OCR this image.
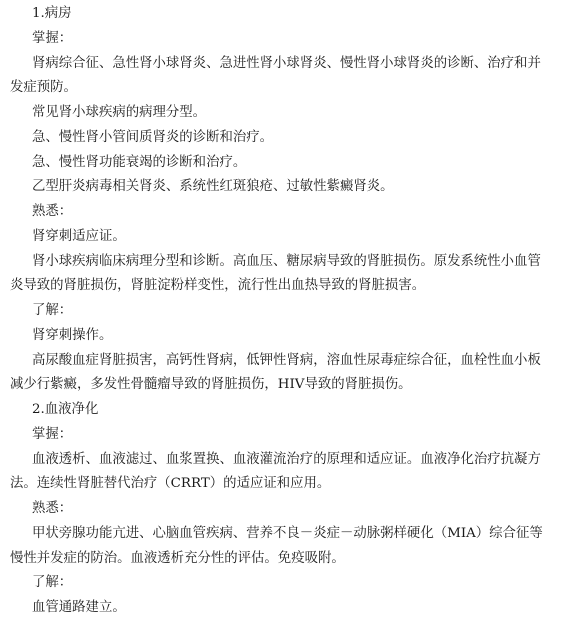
1.病房
掌握：
肾病综合征、急性肾小球肾炎、急进性肾小球肾炎、慢性肾小球肾炎的诊断、治疗和并
发症预防。
常见肾小球疾病的病理分型。
急、慢性肾小管间质肾炎的诊断和治疗。
急、慢性肾功能衰竭的诊断和治疗。
乙型肝炎病毒相关肾炎、系统性红斑狼疮、过敏性紫癜肾炎。
熟悉：
肾穿刺适应证。
肾小球疾病临床病理分型和诊断。高血压、糖尿病导致的肾脏损伤。原发系统性小血管
炎导致的肾脏损伤，肾脏淀粉样变性，流行性出血热导致的肾脏损害。
了解：
肾穿刺操作。
高尿酸血症肾脏损害，高钙性肾病，低钾性肾病，溶血性尿毒症综合征，血栓性血小板
减少行紫癜，多发性骨髓瘤导致的肾脏损伤，HIV导致的肾脏损伤。
2.血液净化
掌握：
血液透析、血液滤过、血浆置换、血液灌流治疗的原理和适应证。血液净化治疗抗凝方
法。连续性肾脏替代治疗（CRRT）的适应证和应用。
熟悉：
甲状旁腺功能亢进、心脑血管疾病、营养不良－炎症－动脉粥样硬化（MIA）综合征等
慢性并发症的防治。血液透析充分性的评估。免疫吸附。
了解：
血管通路建立。
